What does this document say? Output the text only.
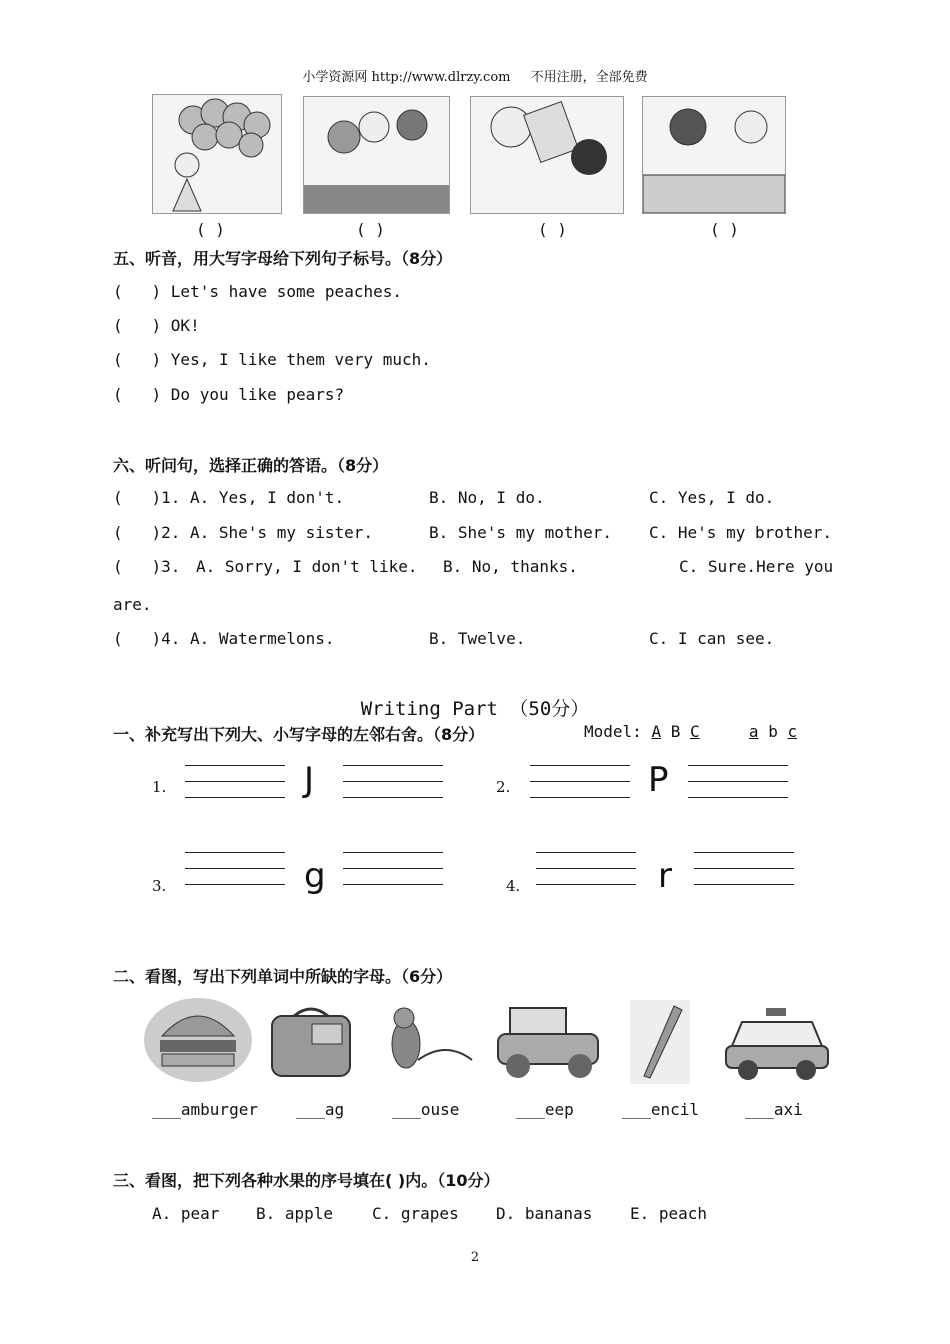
小学资源网 http://www.dlrzy.com 不用注册，全部免费
( )	( )	( )	( )
五、听音，用大写字母给下列句子标号。（8分）
(   ) Let's have some peaches.
(   ) OK!
(   ) Yes, I like them very much.
(   ) Do you like pears?
六、听问句，选择正确的答语。（8分）
(   )1. A. Yes, I don't.	B. No, I do.	C. Yes, I do.
(   )2. A. She's my sister.	B. She's my mother. C. He's my brother.
(   )3. A. Sorry, I don't like. B. No, thanks.	C. Sure.Here you
are.
(   )4. A. Watermelons.	B. Twelve.	C. I can see.
Writing Part （50分）
一、补充写出下列大、小写字母的左邻右舍。（8分）	Model: A B C	a b c
1.	J	2.	P
3.	g	4.	r
二、看图，写出下列单词中所缺的字母。（6分）
___amburger ___ag	___ouse	___eep	___encil	___axi
三、看图，把下列各种水果的序号填在( )内。（10分）
A. pear B. apple C. grapes D. bananas E. peach
2
